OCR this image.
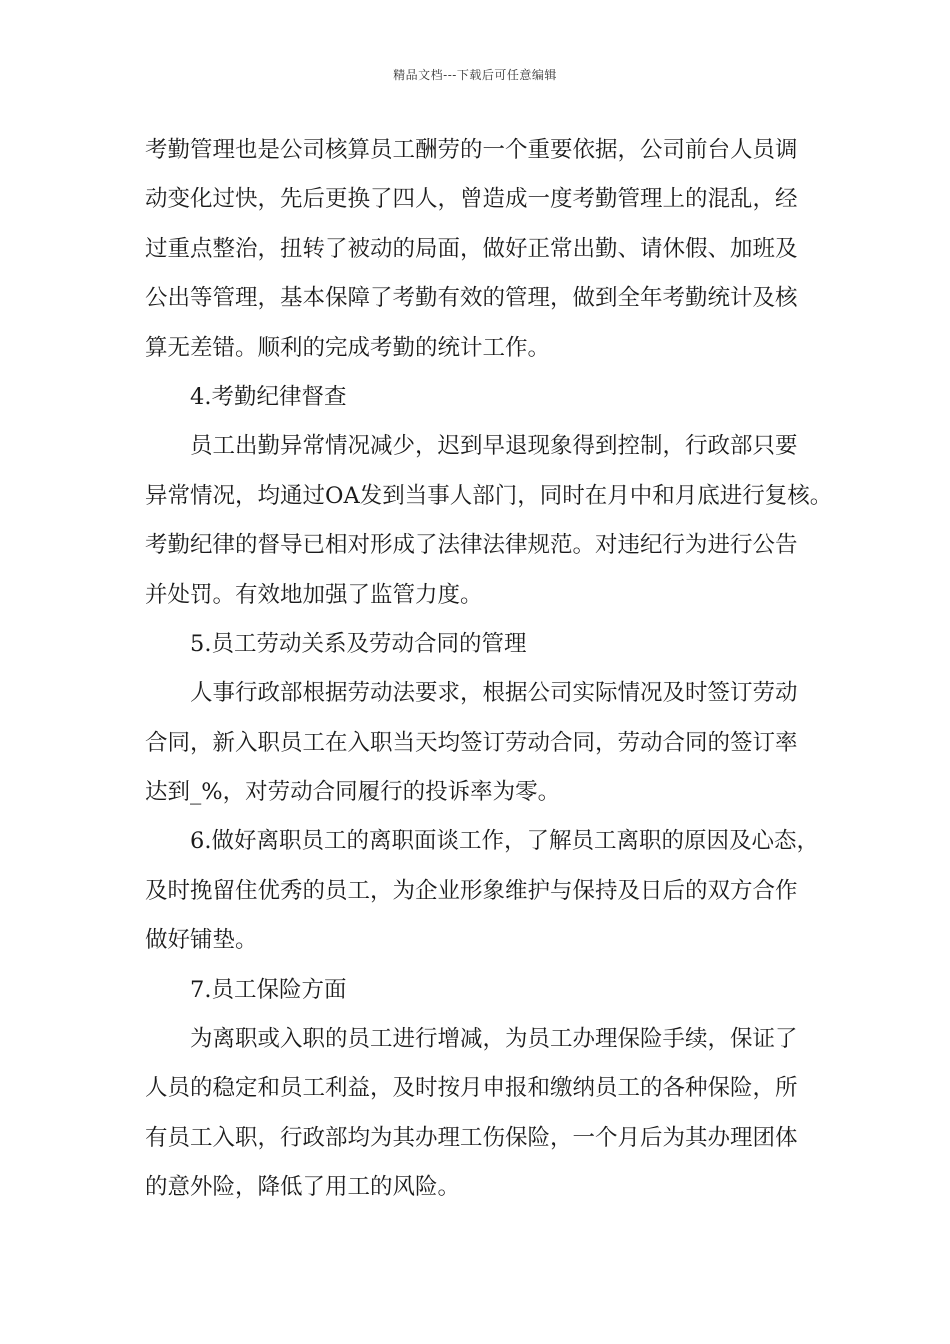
精品文档---下载后可任意编辑
考勤管理也是公司核算员工酬劳的一个重要依据，公司前台人员调
动变化过快，先后更换了四人，曾造成一度考勤管理上的混乱，经
过重点整治，扭转了被动的局面，做好正常出勤、请休假、加班及
公出等管理，基本保障了考勤有效的管理，做到全年考勤统计及核
算无差错。顺利的完成考勤的统计工作。
4.考勤纪律督查
员工出勤异常情况减少，迟到早退现象得到控制，行政部只要
异常情况，均通过OA发到当事人部门，同时在月中和月底进行复核。
考勤纪律的督导已相对形成了法律法律规范。对违纪行为进行公告
并处罚。有效地加强了监管力度。
5.员工劳动关系及劳动合同的管理
人事行政部根据劳动法要求，根据公司实际情况及时签订劳动
合同，新入职员工在入职当天均签订劳动合同，劳动合同的签订率
达到_%，对劳动合同履行的投诉率为零。
6.做好离职员工的离职面谈工作，了解员工离职的原因及心态，
及时挽留住优秀的员工，为企业形象维护与保持及日后的双方合作
做好铺垫。
7.员工保险方面
为离职或入职的员工进行增减，为员工办理保险手续，保证了
人员的稳定和员工利益，及时按月申报和缴纳员工的各种保险，所
有员工入职，行政部均为其办理工伤保险，一个月后为其办理团体
的意外险，降低了用工的风险。
